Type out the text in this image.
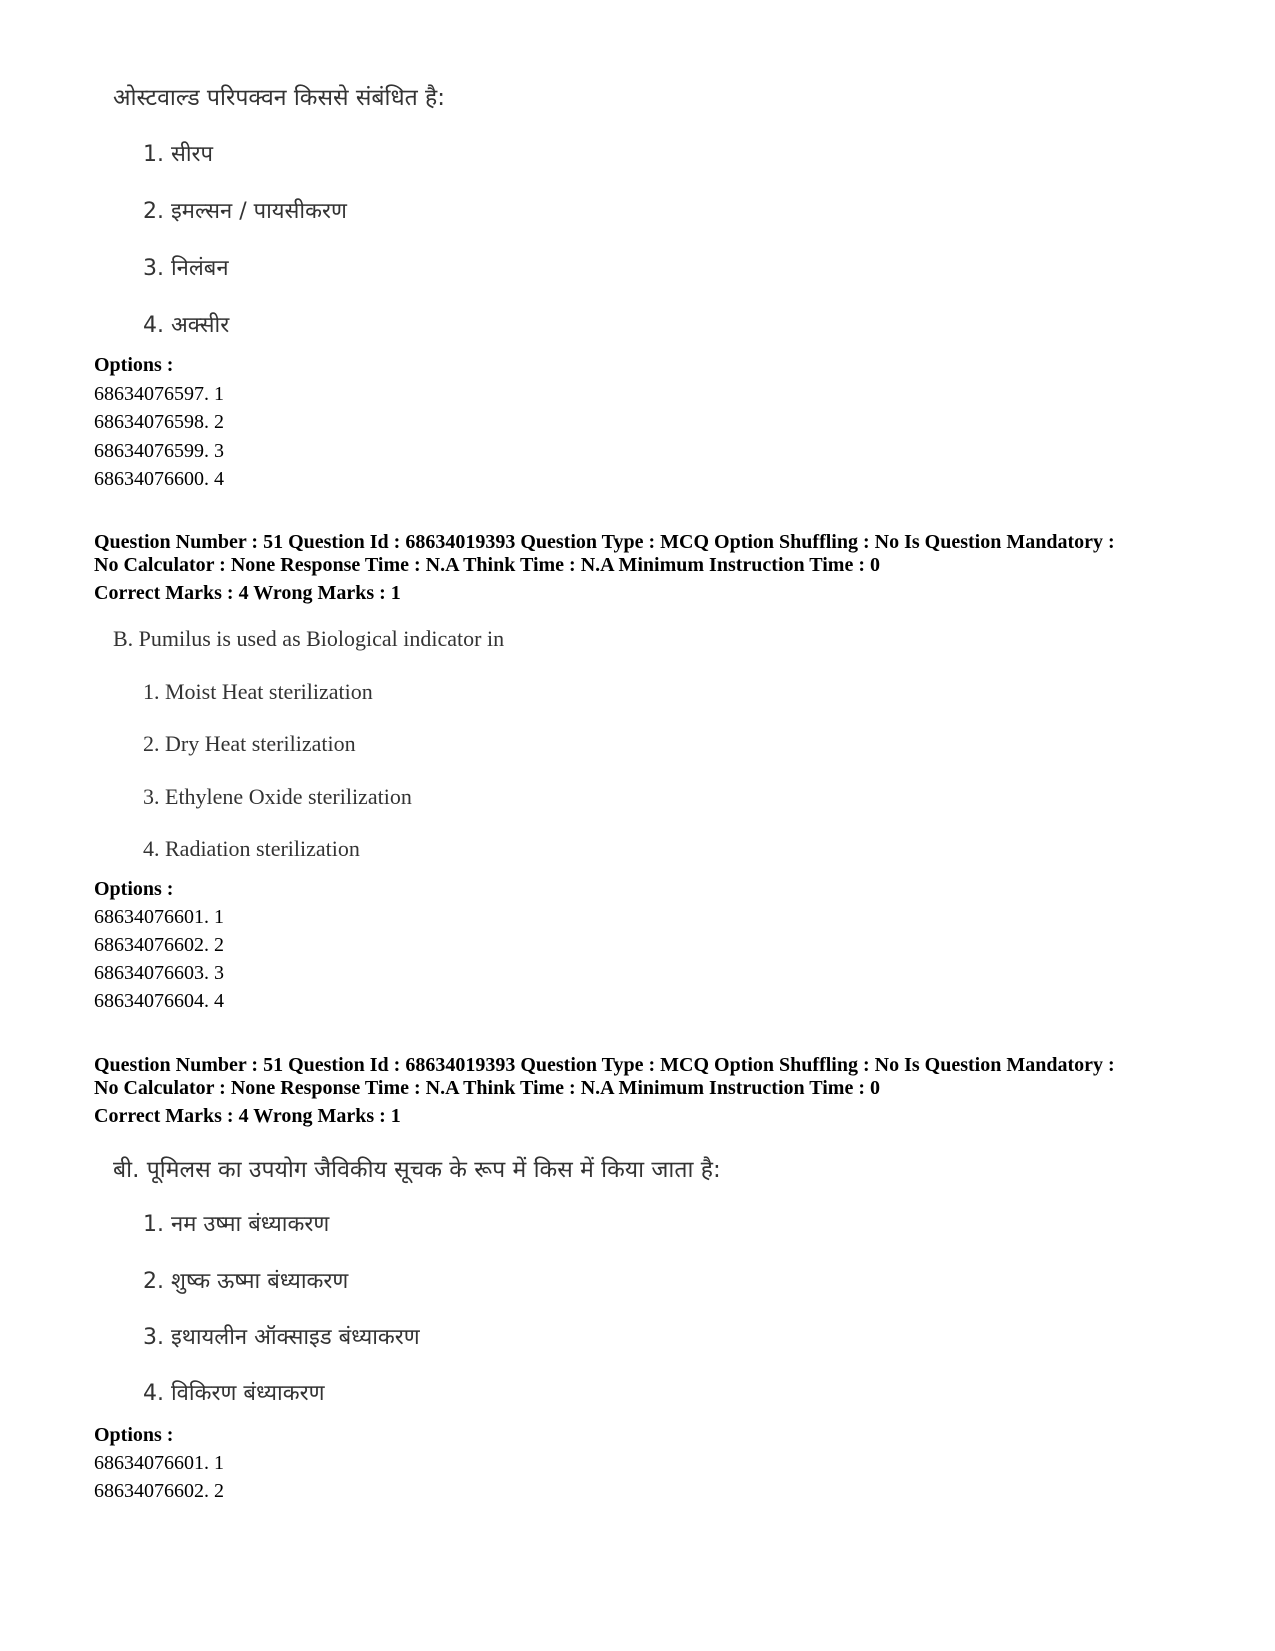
ओस्टवाल्ड परिपक्वन किससे संबंधित है:
1. सीरप
2. इमल्सन / पायसीकरण
3. निलंबन
4. अक्सीर
Options :
68634076597. 1
68634076598. 2
68634076599. 3
68634076600. 4
Question Number : 51 Question Id : 68634019393 Question Type : MCQ Option Shuffling : No Is Question Mandatory :
No Calculator : None Response Time : N.A Think Time : N.A Minimum Instruction Time : 0
Correct Marks : 4 Wrong Marks : 1
B. Pumilus is used as Biological indicator in
1. Moist Heat sterilization
2. Dry Heat sterilization
3. Ethylene Oxide sterilization
4. Radiation sterilization
Options :
68634076601. 1
68634076602. 2
68634076603. 3
68634076604. 4
Question Number : 51 Question Id : 68634019393 Question Type : MCQ Option Shuffling : No Is Question Mandatory :
No Calculator : None Response Time : N.A Think Time : N.A Minimum Instruction Time : 0
Correct Marks : 4 Wrong Marks : 1
बी. पूमिलस का उपयोग जैविकीय सूचक के रूप में किस में किया जाता है:
1. नम उष्मा बंध्याकरण
2. शुष्क ऊष्मा बंध्याकरण
3. इथायलीन ऑक्साइड बंध्याकरण
4. विकिरण बंध्याकरण
Options :
68634076601. 1
68634076602. 2
